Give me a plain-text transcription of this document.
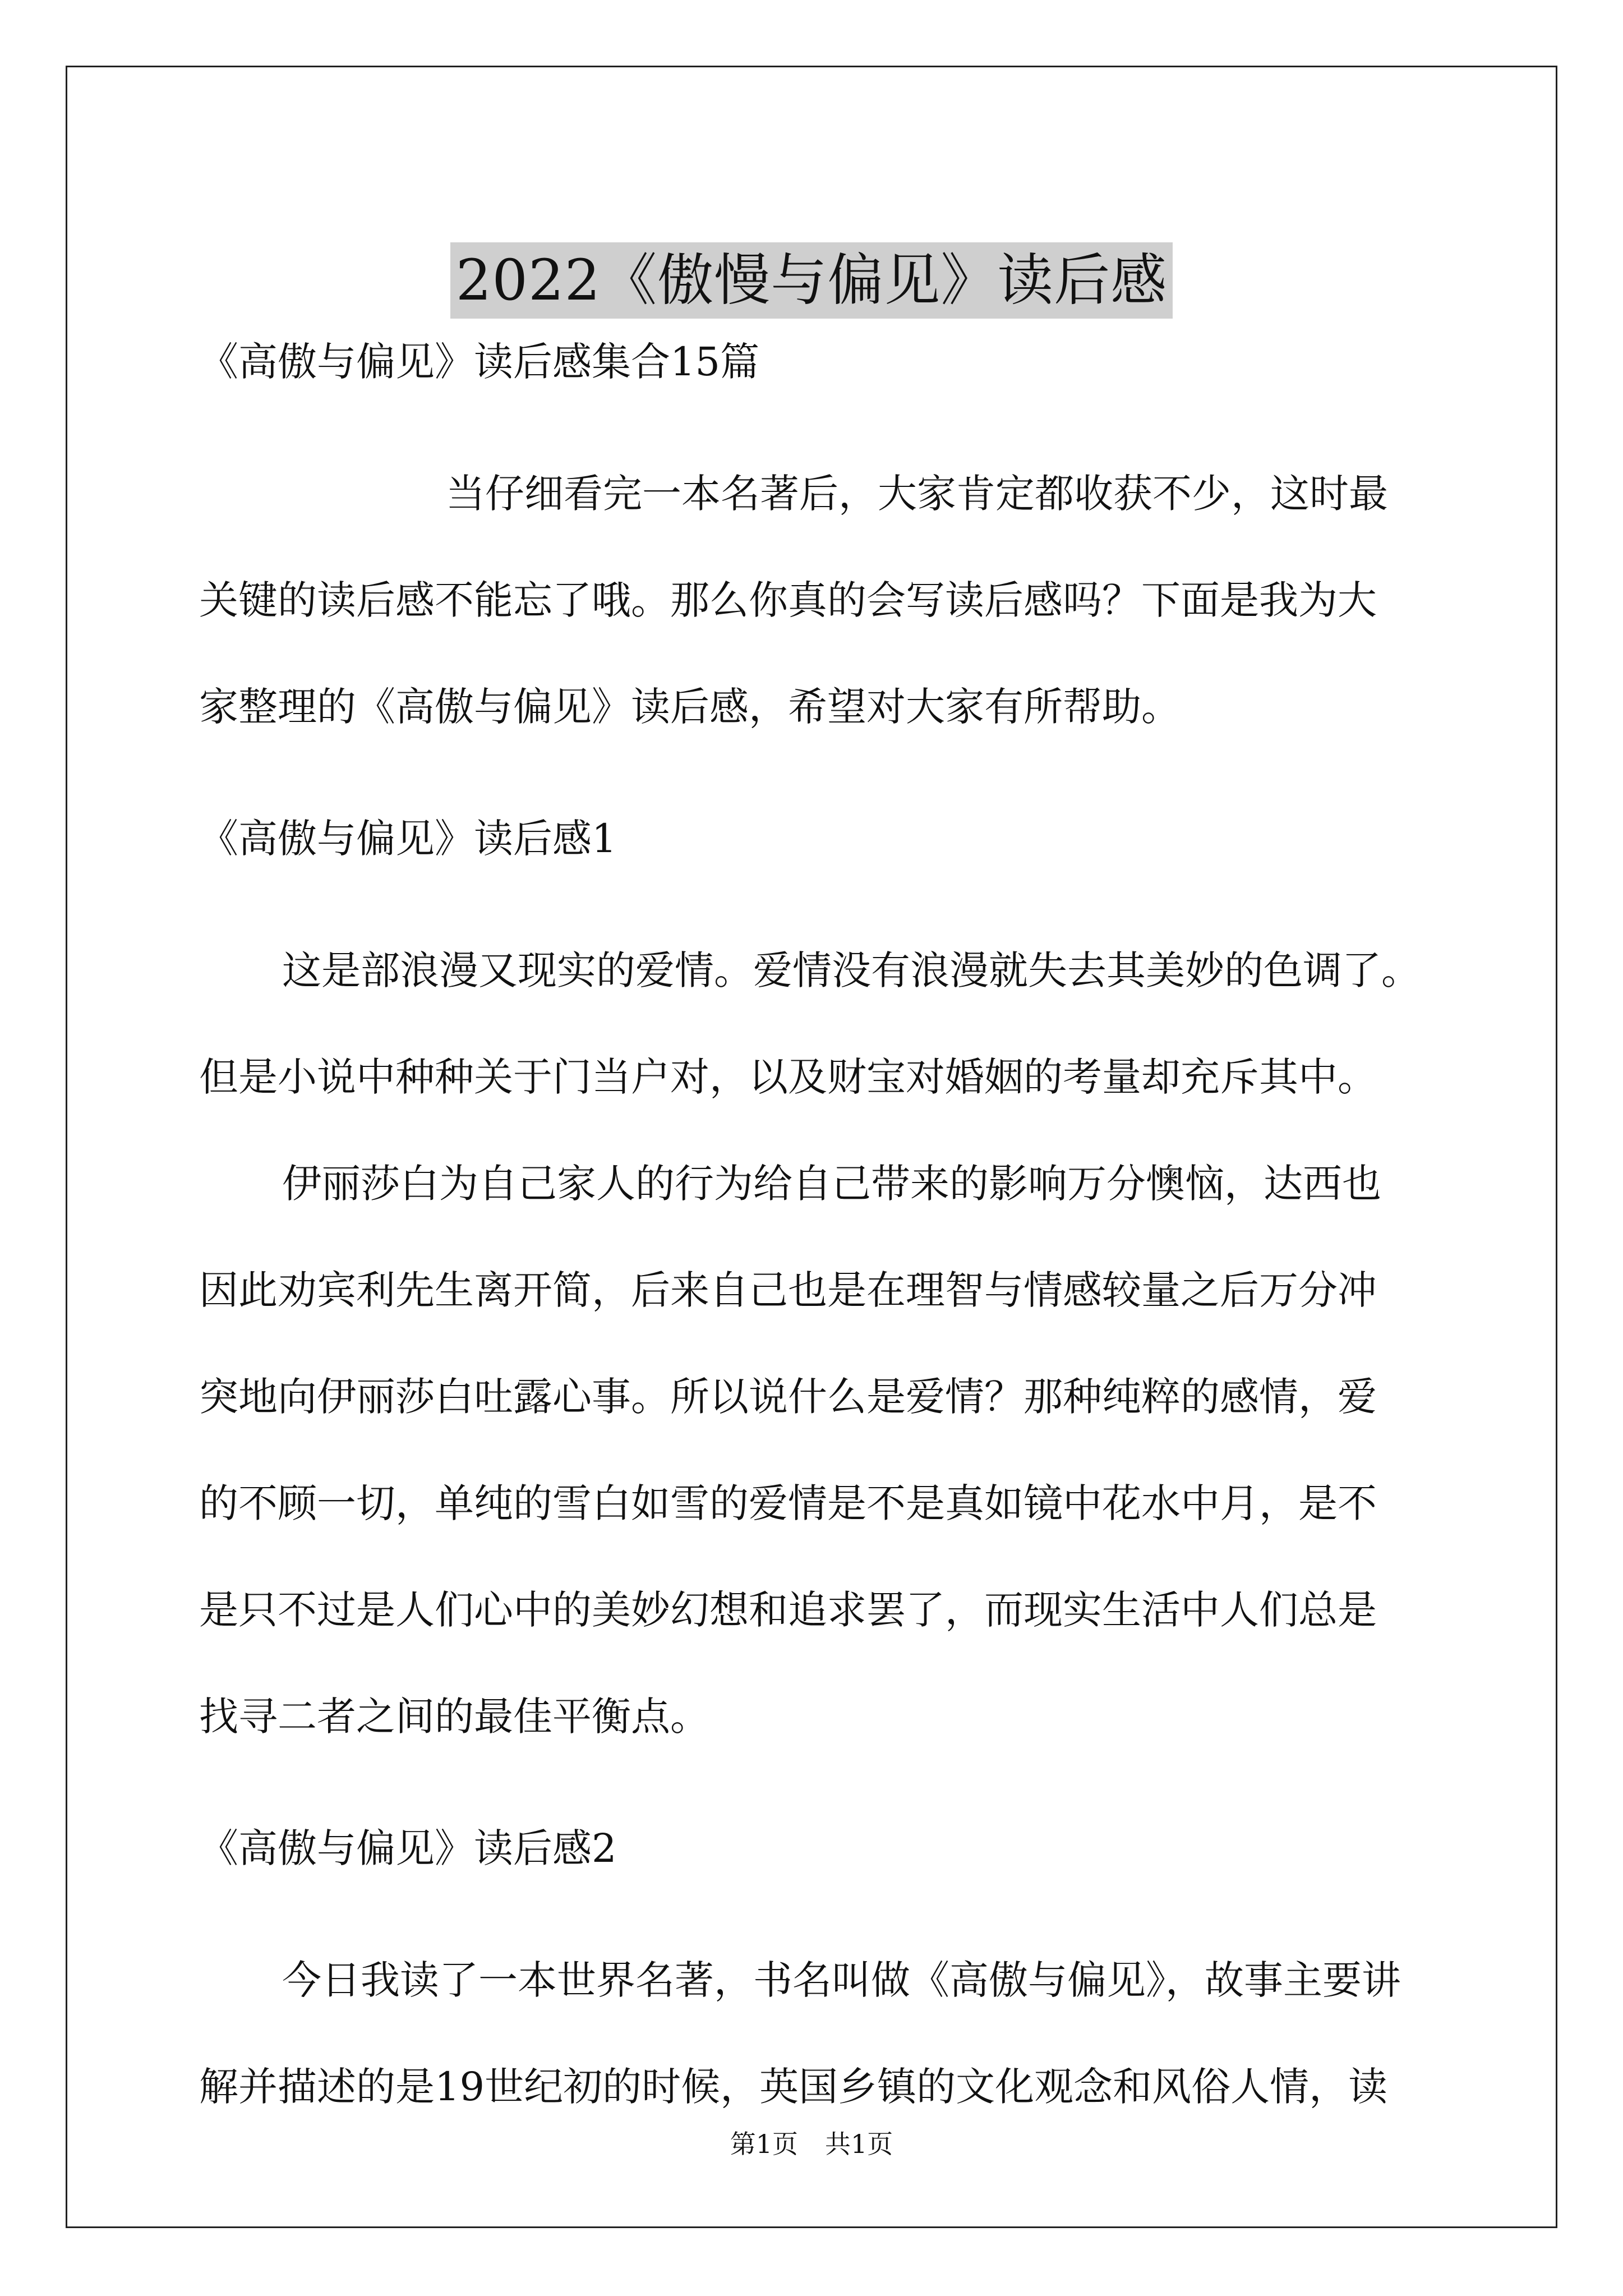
2022《傲慢与偏见》读后感

《高傲与偏见》读后感集合15篇

当仔细看完一本名著后，大家肯定都收获不少，这时最

关键的读后感不能忘了哦。那么你真的会写读后感吗？下面是我为大

家整理的《高傲与偏见》读后感，希望对大家有所帮助。

《高傲与偏见》读后感1

这是部浪漫又现实的爱情。爱情没有浪漫就失去其美妙的色调了。

但是小说中种种关于门当户对，以及财宝对婚姻的考量却充斥其中。

伊丽莎白为自己家人的行为给自己带来的影响万分懊恼，达西也

因此劝宾利先生离开简，后来自己也是在理智与情感较量之后万分冲

突地向伊丽莎白吐露心事。所以说什么是爱情？那种纯粹的感情，爱

的不顾一切，单纯的雪白如雪的爱情是不是真如镜中花水中月，是不

是只不过是人们心中的美妙幻想和追求罢了，而现实生活中人们总是

找寻二者之间的最佳平衡点。

《高傲与偏见》读后感2

今日我读了一本世界名著，书名叫做《高傲与偏见》，故事主要讲

解并描述的是19世纪初的时候，英国乡镇的文化观念和风俗人情，读

第1页 共1页
